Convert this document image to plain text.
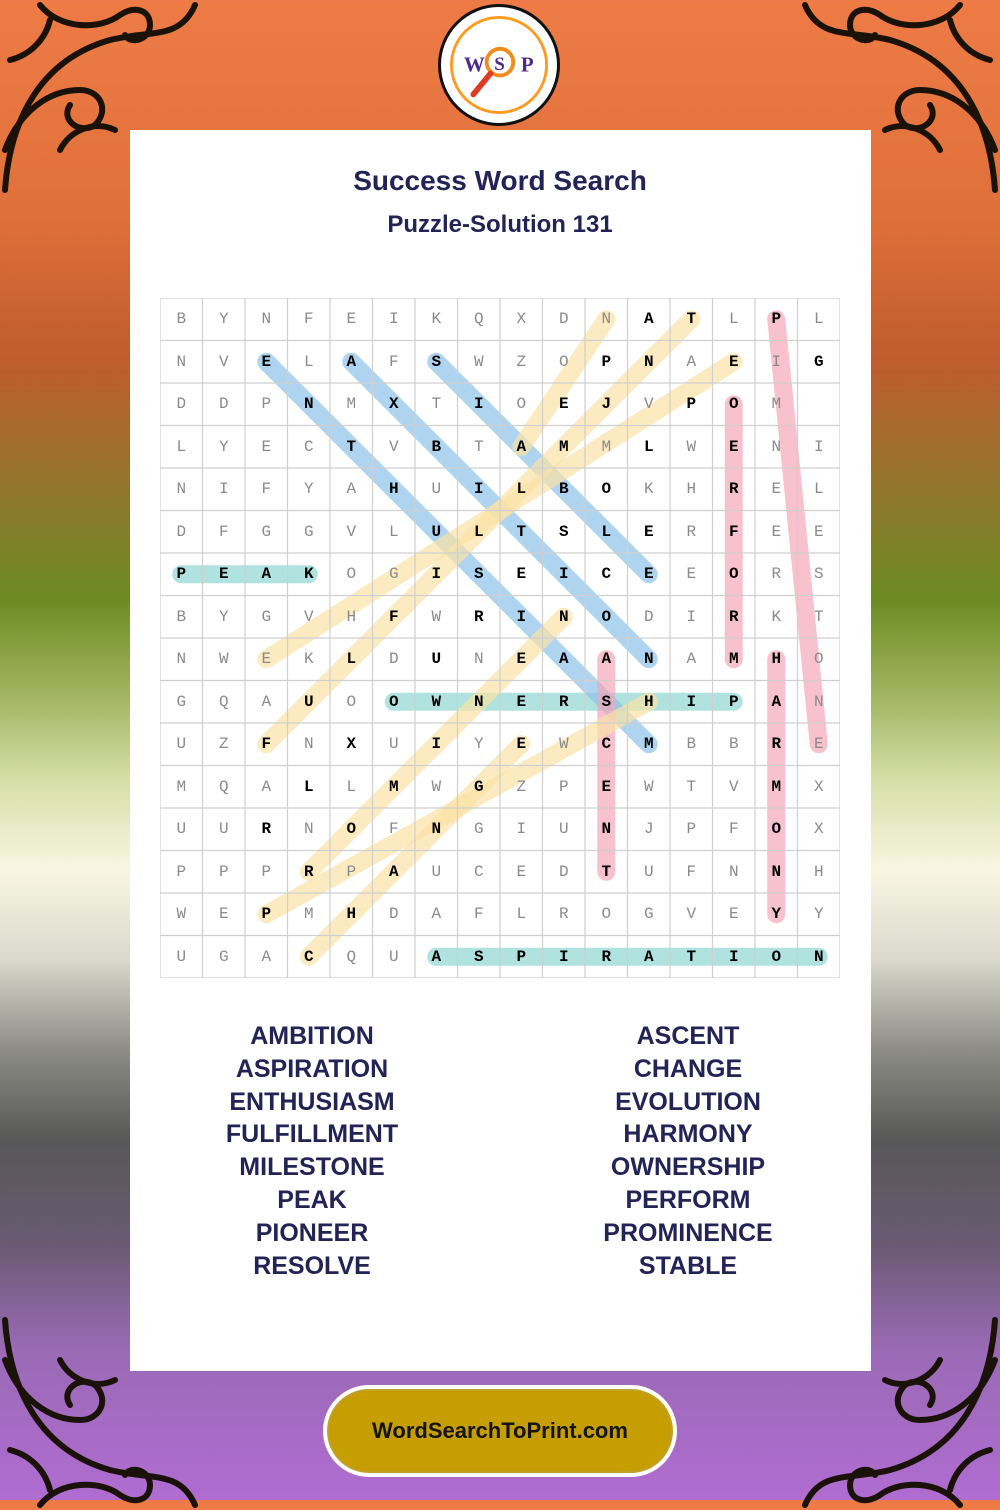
W S P
Success Word Search
Puzzle-Solution 131
B	Y	N	F	E	I	K	Q	X	D	N	A	T	L	P	L
N	V	E	L	A	F	S	W	Z	O	P	N	A	E	I	G
D	D	P	N	M	X	T	I	O	E	J	V	P	O	M
L	Y	E	C	T	V	B	T	A	M	M	L	W	E	N	I
N	I	F	Y	A	H	U	I	L	B	O	K	H	R	E	L
D	F	G	G	V	L	U	L	T	S	L	E	R	F	E	E
P	E	A	K	O	G	I	S	E	I	C	E	E	O	R	S
B	Y	G	V	H	F	W	R	I	N	O	D	I	R	K	T
N	W	E	K	L	D	U	N	E	A	A	N	A	M	H	O
G	Q	A	U	O	O	W	N	E	R	S	H	I	P	A	N
U	Z	F	N	X	U	I	Y	E	W	C	M	B	B	R	E
M	Q	A	L	L	M	W	G	Z	P	E	W	T	V	M	X
U	U	R	N	O	F	N	G	I	U	N	J	P	F	O	X
P	P	P	R	P	A	U	C	E	D	T	U	F	N	N	H
W	E	P	M	H	D	A	F	L	R	O	G	V	E	Y	Y
U	G	A	C	Q	U	A	S	P	I	R	A	T	I	O	N
AMBITION
ASPIRATION
ENTHUSIASM
FULFILLMENT
MILESTONE
PEAK
PIONEER
RESOLVE
ASCENT
CHANGE
EVOLUTION
HARMONY
OWNERSHIP
PERFORM
PROMINENCE
STABLE
WordSearchToPrint.com
